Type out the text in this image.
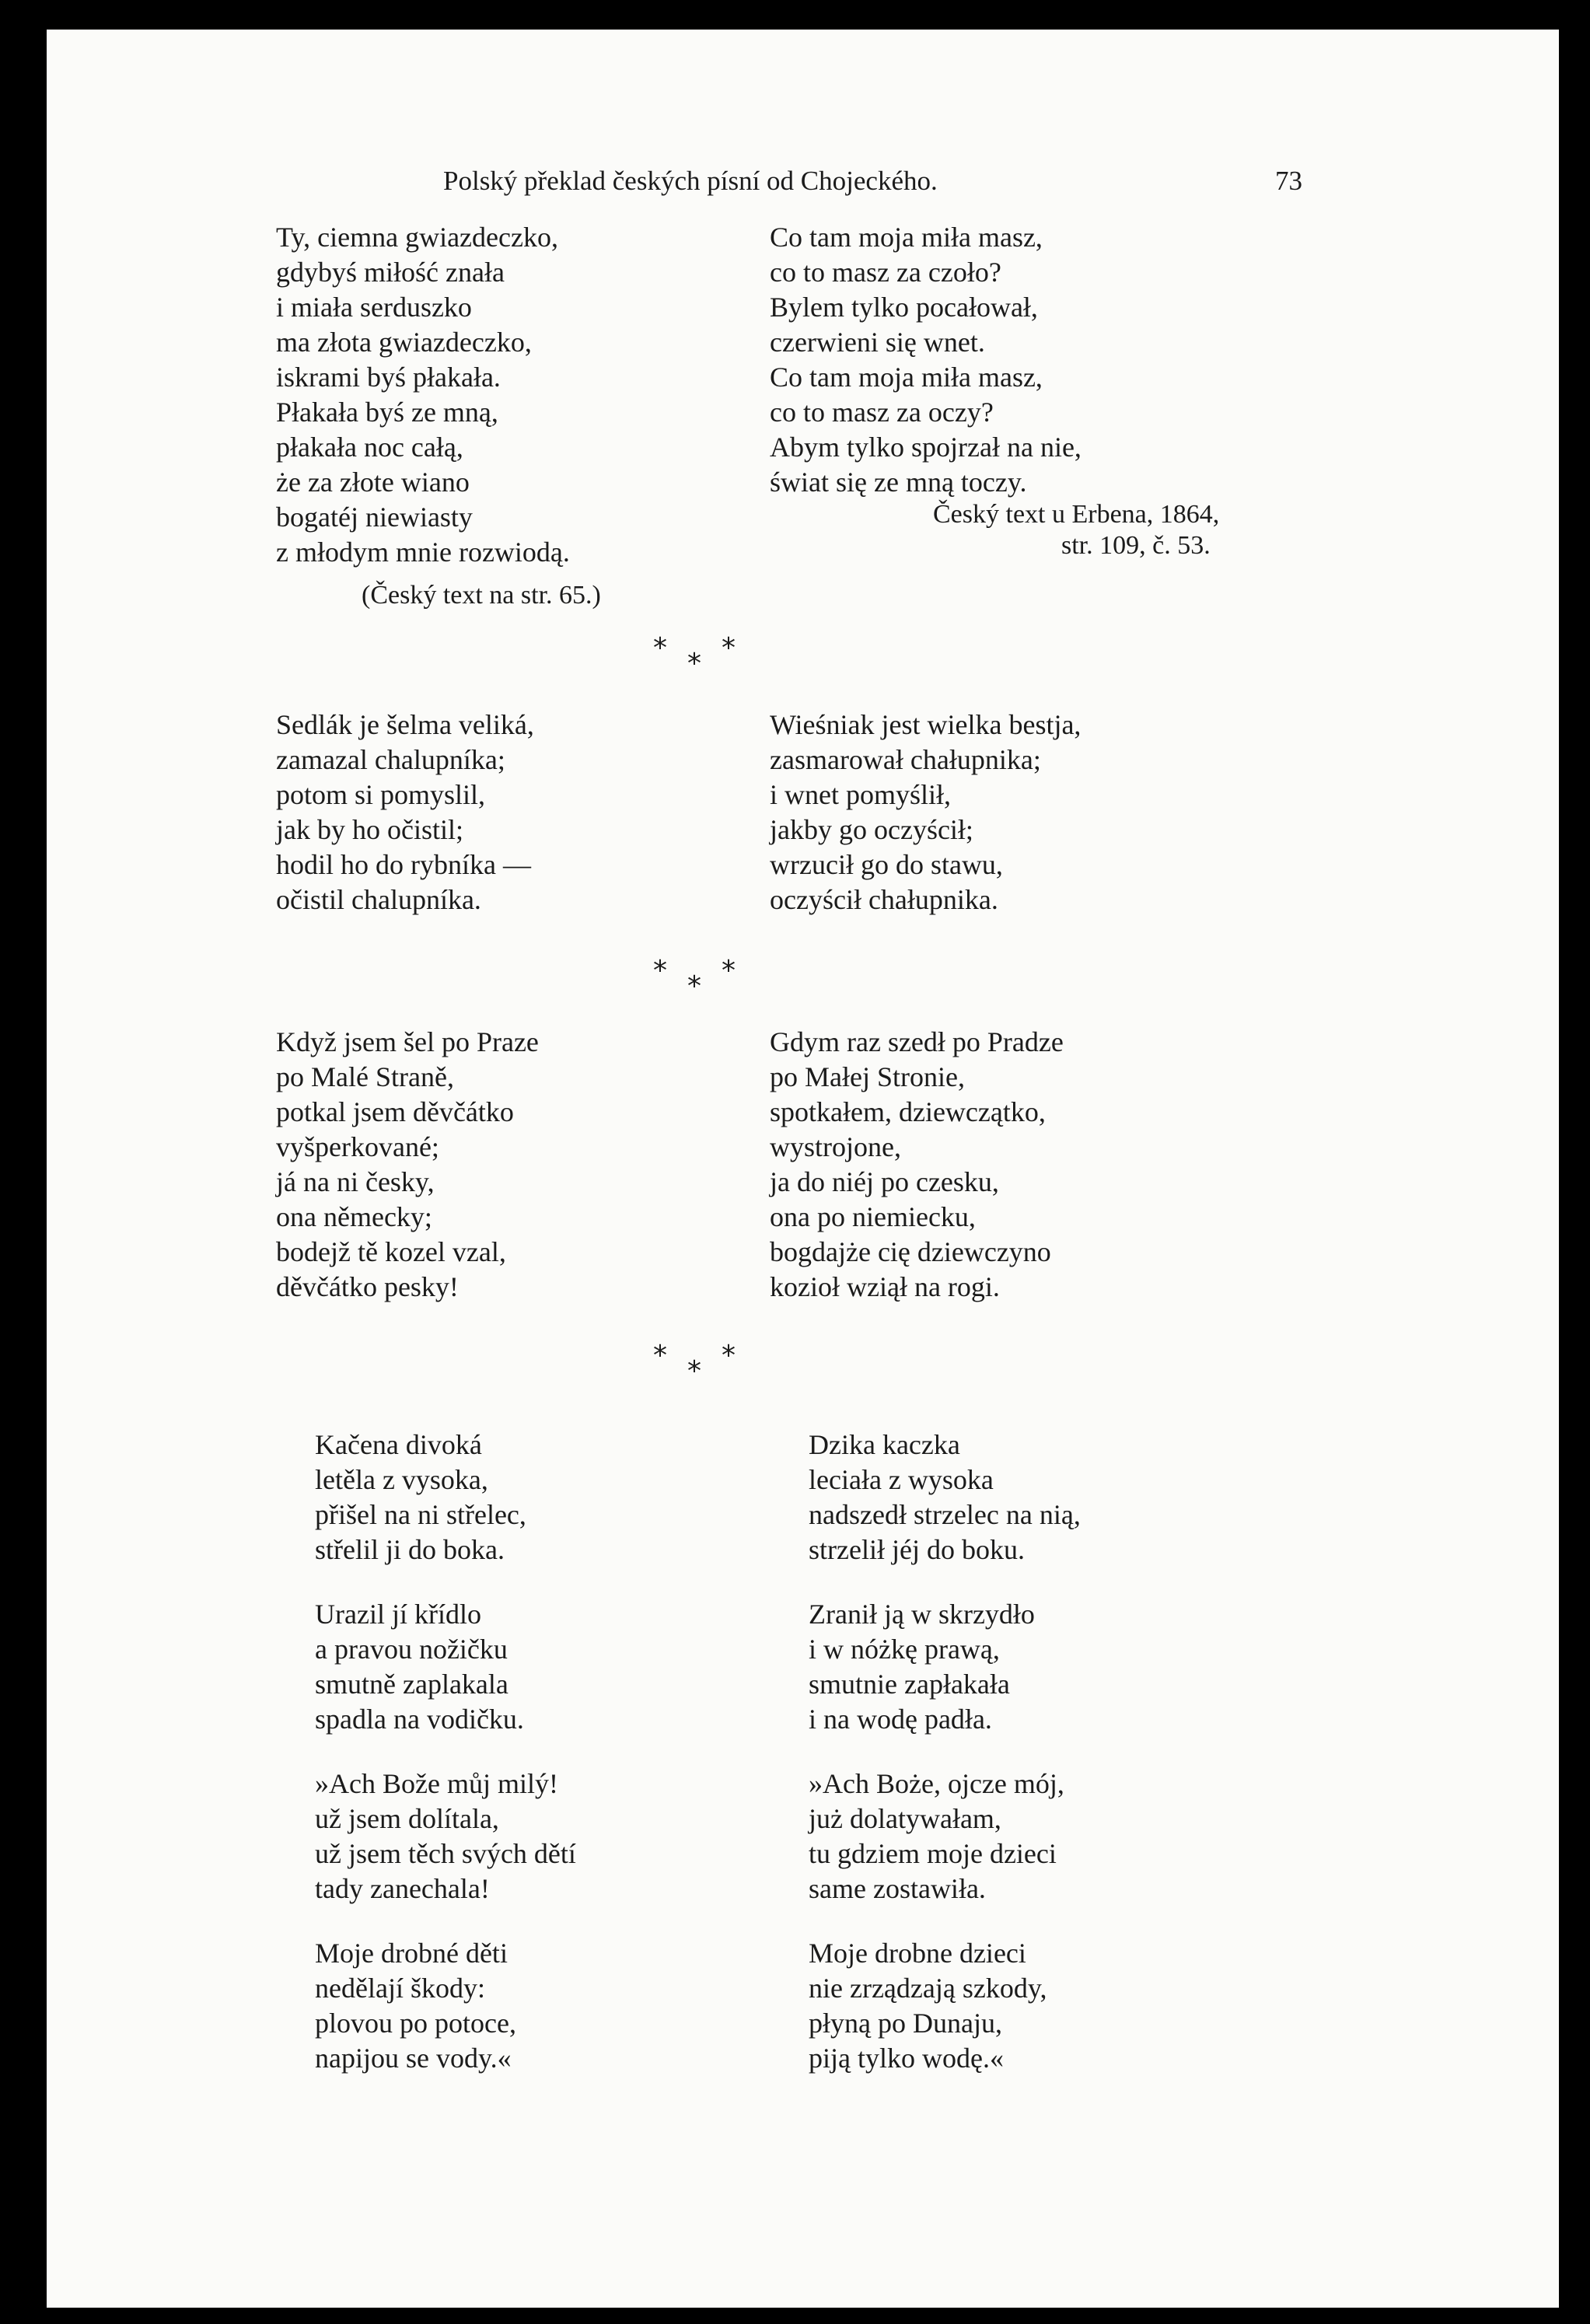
Polský překlad českých písní od Chojeckého.	73
Ty, ciemna gwiazdeczko,
gdybyś miłość znała
i miała serduszko
ma złota gwiazdeczko,
iskrami byś płakała.
Płakała byś ze mną,
płakała noc całą,
że za złote wiano
bogatéj niewiasty
z młodym mnie rozwiodą.
(Český text na str. 65.)
Co tam moja miła masz,
co to masz za czoło?
Bylem tylko pocałował,
czerwieni się wnet.
Co tam moja miła masz,
co to masz za oczy?
Abym tylko spojrzał na nie,
świat się ze mną toczy.
Český text u Erbena, 1864,
str. 109, č. 53.
* *
*
Sedlák je šelma veliká,
zamazal chalupníka;
potom si pomyslil,
jak by ho očistil;
hodil ho do rybníka —
očistil chalupníka.
Wieśniak jest wielka bestja,
zasmarował chałupnika;
i wnet pomyślił,
jakby go oczyścił;
wrzucił go do stawu,
oczyścił chałupnika.
* *
*
Když jsem šel po Praze
po Malé Straně,
potkal jsem děvčátko
vyšperkované;
já na ni česky,
ona německy;
bodejž tě kozel vzal,
děvčátko pesky!
Gdym raz szedł po Pradze
po Małej Stronie,
spotkałem, dziewczątko,
wystrojone,
ja do niéj po czesku,
ona po niemiecku,
bogdajże cię dziewczyno
kozioł wziął na rogi.
* *
*
Kačena divoká
letěla z vysoka,
přišel na ni střelec,
střelil ji do boka.
Urazil jí křídlo
a pravou nožičku
smutně zaplakala
spadla na vodičku.
»Ach Bože můj milý!
už jsem dolítala,
už jsem těch svých dětí
tady zanechala!
Moje drobné děti
nedělají škody:
plovou po potoce,
napijou se vody.«
Dzika kaczka
leciała z wysoka
nadszedł strzelec na nią,
strzelił jéj do boku.
Zranił ją w skrzydło
i w nóżkę prawą,
smutnie zapłakała
i na wodę padła.
»Ach Boże, ojcze mój,
już dolatywałam,
tu gdziem moje dzieci
same zostawiła.
Moje drobne dzieci
nie zrządzają szkody,
płyną po Dunaju,
piją tylko wodę.«
